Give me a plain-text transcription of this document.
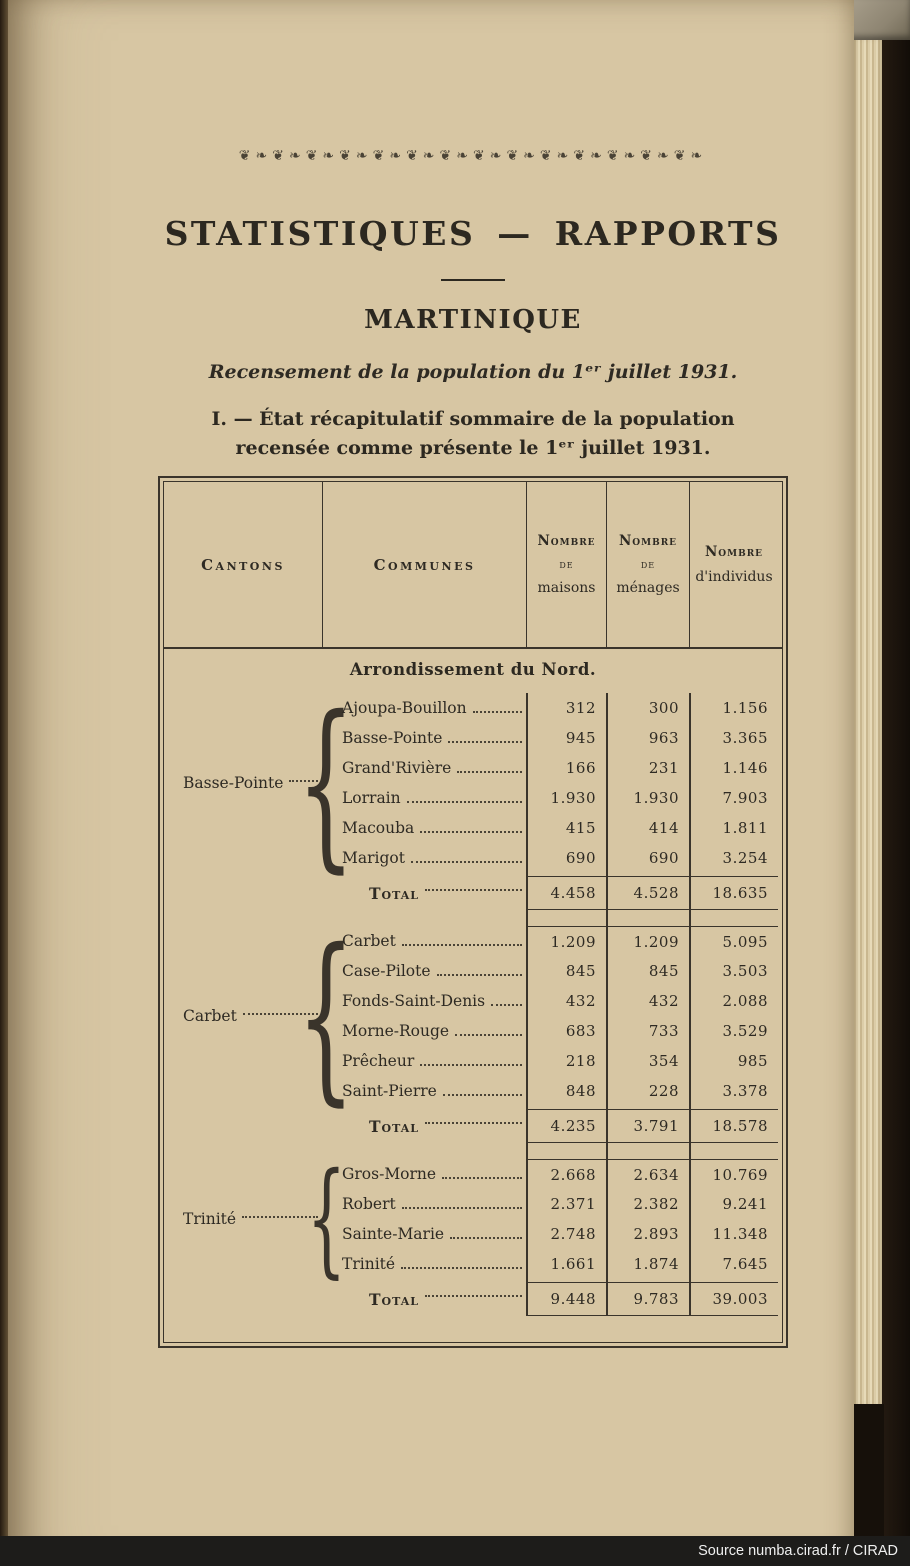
❦❧❦❧❦❧❦❧❦❧❦❧❦❧❦❧❦❧❦❧❦❧❦❧❦❧❦❧
STATISTIQUES — RAPPORTS
MARTINIQUE

Recensement de la population du 1ᵉʳ juillet 1931.

I. — État récapitulatif sommaire de la population
recensée comme présente le 1ᵉʳ juillet 1931.

Cantons	Communes
Nombre
de
maisons
Nombre
de
ménages
Nombre
d'individus
Arrondissement du Nord.
Basse-Pointe
{
Ajoupa-Bouillon	312	300	1.156
Basse-Pointe	945	963	3.365
Grand'Rivière	166	231	1.146
Lorrain	1.930	1.930	7.903
Macouba	415	414	1.811
Marigot	690	690	3.254
Total	4.458	4.528	18.635
Carbet
{
Carbet	1.209	1.209	5.095
Case-Pilote	845	845	3.503
Fonds-Saint-Denis	432	432	2.088
Morne-Rouge	683	733	3.529
Prêcheur	218	354	985
Saint-Pierre	848	228	3.378
Total	4.235	3.791	18.578
Trinité
{
Gros-Morne	2.668	2.634	10.769
Robert	2.371	2.382	9.241
Sainte-Marie	2.748	2.893	11.348
Trinité	1.661	1.874	7.645
Total	9.448	9.783	39.003
Source numba.cirad.fr / CIRAD
